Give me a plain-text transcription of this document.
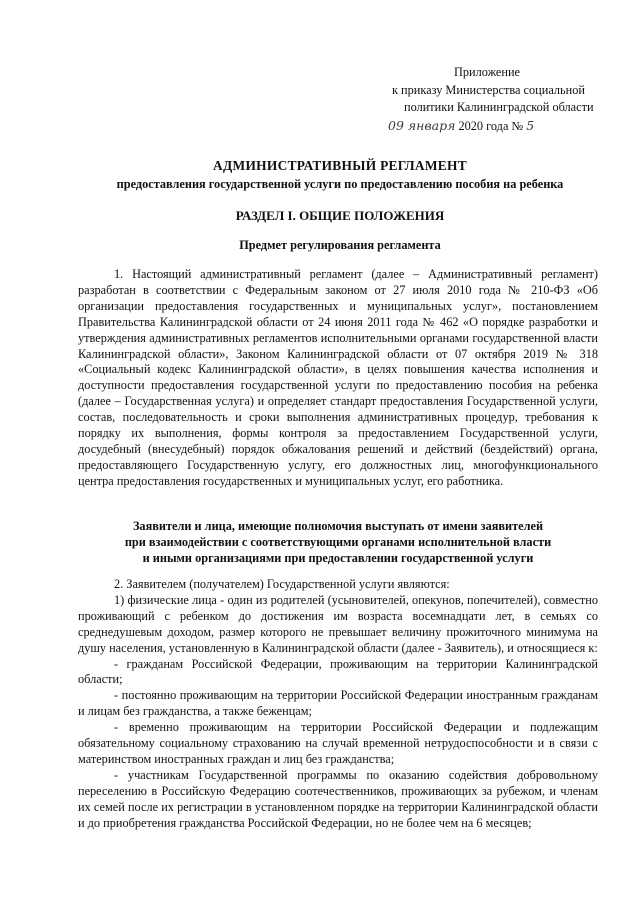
Приложение
к приказу Министерства социальной
политики Калининградской области
09 января 2020 года № 5
АДМИНИСТРАТИВНЫЙ РЕГЛАМЕНТ
предоставления государственной услуги по предоставлению пособия на ребенка
РАЗДЕЛ I. ОБЩИЕ ПОЛОЖЕНИЯ
Предмет регулирования регламента

1. Настоящий административный регламент (далее – Административный регламент) разработан в соответствии с Федеральным законом от 27 июля 2010 года № 210-ФЗ «Об организации предоставления государственных и муниципальных услуг», постановлением Правительства Калининградской области от 24 июня 2011 года № 462 «О порядке разработки и утверждения административных регламентов исполнительными органами государственной власти Калининградской области», Законом Калининградской области от 07 октября 2019 № 318 «Социальный кодекс Калининградской области», в целях повышения качества исполнения и доступности предоставления государственной услуги по предоставлению пособия на ребенка (далее – Государственная услуга) и определяет стандарт предоставления Государственной услуги, состав, последовательность и сроки выполнения административных процедур, требования к порядку их выполнения, формы контроля за предоставлением Государственной услуги, досудебный (внесудебный) порядок обжалования решений и действий (бездействий) органа, предоставляющего Государственную услугу, его должностных лиц, многофункционального центра предоставления государственных и муниципальных услуг, его работника.

Заявители и лица, имеющие полномочия выступать от имени заявителей
при взаимодействии с соответствующими органами исполнительной власти
и иными организациями при предоставлении государственной услуги

2. Заявителем (получателем) Государственной услуги являются:

1) физические лица - один из родителей (усыновителей, опекунов, попечителей), совместно проживающий с ребенком до достижения им возраста восемнадцати лет, в семьях со среднедушевым доходом, размер которого не превышает величину прожиточного минимума на душу населения, установленную в Калининградской области (далее - Заявитель), и относящиеся к:

- гражданам Российской Федерации, проживающим на территории Калининградской области;

- постоянно проживающим на территории Российской Федерации иностранным гражданам и лицам без гражданства, а также беженцам;

- временно проживающим на территории Российской Федерации и подлежащим обязательному социальному страхованию на случай временной нетрудоспособности и в связи с материнством иностранных граждан и лиц без гражданства;

- участникам Государственной программы по оказанию содействия добровольному переселению в Российскую Федерацию соотечественников, проживающих за рубежом, и членам их семей после их регистрации в установленном порядке на территории Калининградской области и до приобретения гражданства Российской Федерации, но не более чем на 6 месяцев;
